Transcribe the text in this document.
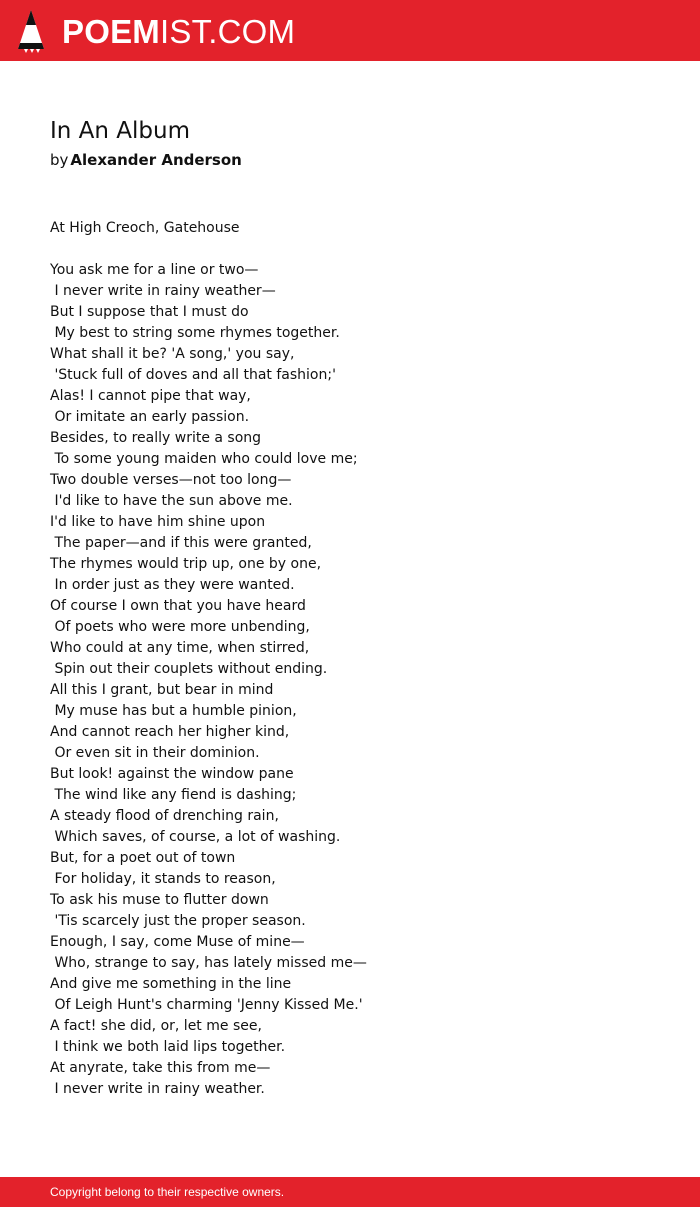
POEM IST.COM
In An Album
by Alexander Anderson

At High Creoch, Gatehouse

You ask me for a line or two—

I never write in rainy weather—

But I suppose that I must do

My best to string some rhymes together.

What shall it be? 'A song,' you say,

'Stuck full of doves and all that fashion;'

Alas! I cannot pipe that way,

Or imitate an early passion.

Besides, to really write a song

To some young maiden who could love me;

Two double verses—not too long—

I'd like to have the sun above me.

I'd like to have him shine upon

The paper—and if this were granted,

The rhymes would trip up, one by one,

In order just as they were wanted.

Of course I own that you have heard

Of poets who were more unbending,

Who could at any time, when stirred,

Spin out their couplets without ending.

All this I grant, but bear in mind

My muse has but a humble pinion,

And cannot reach her higher kind,

Or even sit in their dominion.

But look! against the window pane

The wind like any fiend is dashing;

A steady flood of drenching rain,

Which saves, of course, a lot of washing.

But, for a poet out of town

For holiday, it stands to reason,

To ask his muse to flutter down

'Tis scarcely just the proper season.

Enough, I say, come Muse of mine—

Who, strange to say, has lately missed me—

And give me something in the line

Of Leigh Hunt's charming 'Jenny Kissed Me.'

A fact! she did, or, let me see,

I think we both laid lips together.

At anyrate, take this from me—

I never write in rainy weather.

Copyright belong to their respective owners.
